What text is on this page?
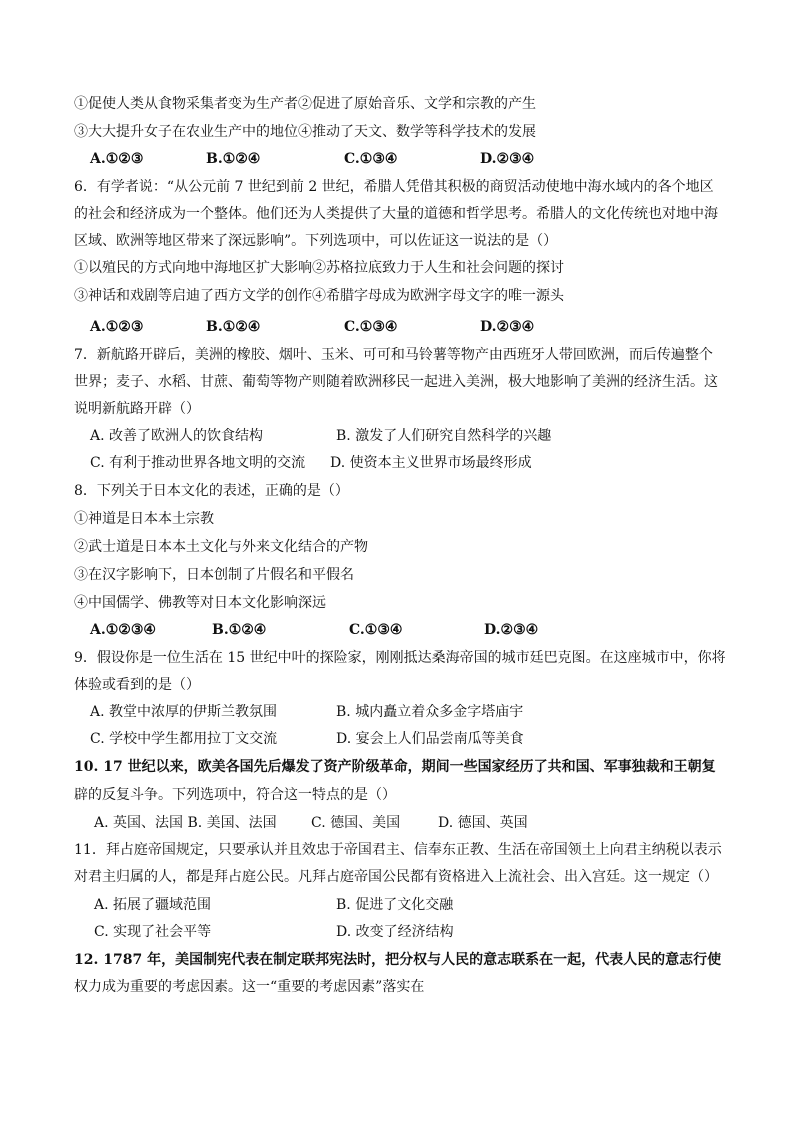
①促使人类从食物采集者变为生产者②促进了原始音乐、文学和宗教的产生
③大大提升女子在农业生产中的地位④推动了天文、数学等科学技术的发展
A.①②③	B.①②④	C.①③④	D.②③④
6．有学者说：“从公元前 7 世纪到前 2 世纪，希腊人凭借其积极的商贸活动使地中海水域内的各个地区
的社会和经济成为一个整体。他们还为人类提供了大量的道德和哲学思考。希腊人的文化传统也对地中海
区域、欧洲等地区带来了深远影响”。下列选项中，可以佐证这一说法的是（）
①以殖民的方式向地中海地区扩大影响②苏格拉底致力于人生和社会问题的探讨
③神话和戏剧等启迪了西方文学的创作④希腊字母成为欧洲字母文字的唯一源头
A.①②③	B.①②④	C.①③④	D.②③④
7．新航路开辟后，美洲的橡胶、烟叶、玉米、可可和马铃薯等物产由西班牙人带回欧洲，而后传遍整个
世界；麦子、水稻、甘蔗、葡萄等物产则随着欧洲移民一起进入美洲，极大地影响了美洲的经济生活。这
说明新航路开辟（）
A. 改善了欧洲人的饮食结构	B. 激发了人们研究自然科学的兴趣
C. 有利于推动世界各地文明的交流 D. 使资本主义世界市场最终形成
8．下列关于日本文化的表述，正确的是（）
①神道是日本本土宗教
②武士道是日本本土文化与外来文化结合的产物
③在汉字影响下，日本创制了片假名和平假名
④中国儒学、佛教等对日本文化影响深远
A.①②③④	B.①②④	C.①③④	D.②③④
9．假设你是一位生活在 15 世纪中叶的探险家，刚刚抵达桑海帝国的城市廷巴克图。在这座城市中，你将
体验或看到的是（）
A. 教堂中浓厚的伊斯兰教氛围	B. 城内矗立着众多金字塔庙宇
C. 学校中学生都用拉丁文交流	D. 宴会上人们品尝南瓜等美食
10. 17 世纪以来，欧美各国先后爆发了资产阶级革命，期间一些国家经历了共和国、军事独裁和王朝复
辟的反复斗争。下列选项中，符合这一特点的是（）
A. 英国、法国 B. 美国、法国 C. 德国、美国	D. 德国、英国
11．拜占庭帝国规定，只要承认并且效忠于帝国君主、信奉东正教、生活在帝国领土上向君主纳税以表示
对君主归属的人，都是拜占庭公民。凡拜占庭帝国公民都有资格进入上流社会、出入宫廷。这一规定（）
A. 拓展了疆域范围	B. 促进了文化交融
C. 实现了社会平等	D. 改变了经济结构
12. 1787 年，美国制宪代表在制定联邦宪法时，把分权与人民的意志联系在一起，代表人民的意志行使
权力成为重要的考虑因素。这一“重要的考虑因素”落实在
